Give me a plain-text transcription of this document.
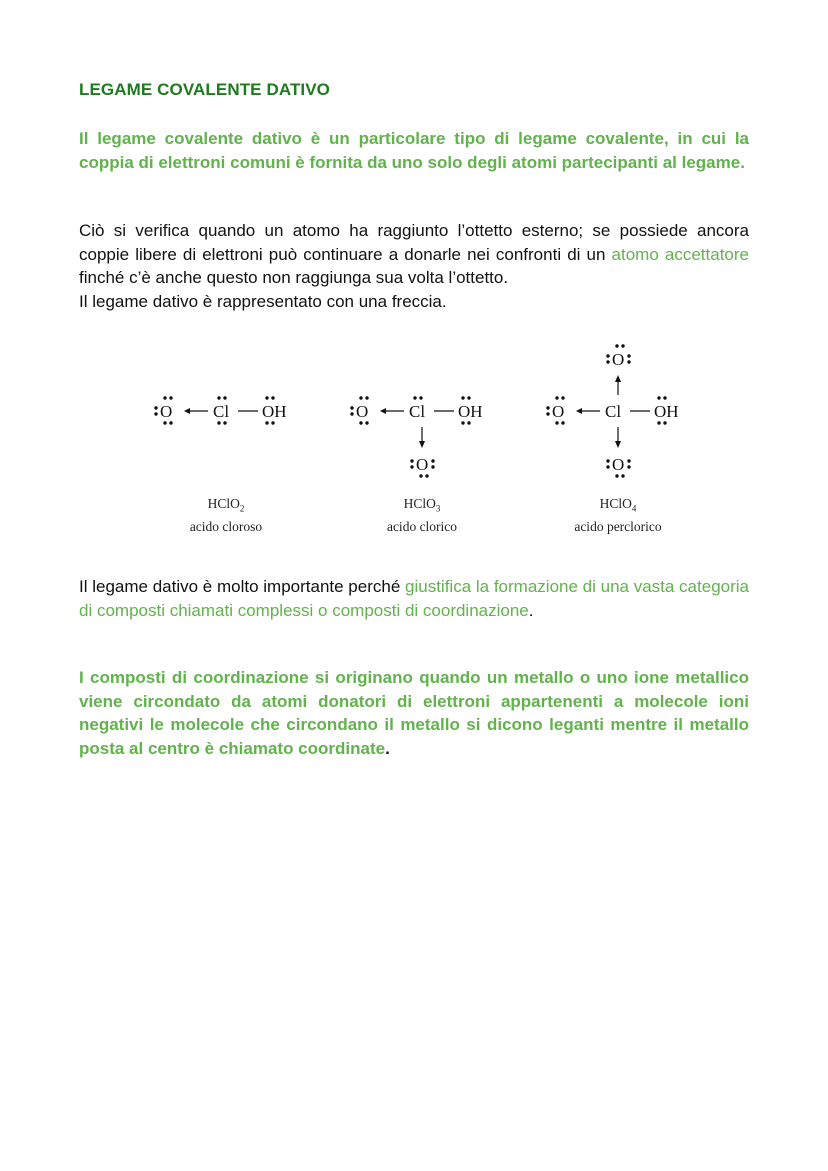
LEGAME COVALENTE DATIVO
Il legame covalente dativo è un particolare tipo di legame covalente, in cui la coppia di elettroni comuni è fornita da uno solo degli atomi partecipanti al legame.
Ciò si verifica quando un atomo ha raggiunto l’ottetto esterno; se possiede ancora coppie libere di elettroni può continuare a donarle nei confronti di un atomo accettatore finché c’è anche questo non raggiunga sua volta l’ottetto.
Il legame dativo è rappresentato con una freccia.
Il legame dativo è molto importante perché giustifica la formazione di una vasta categoria di composti chiamati complessi o composti di coordinazione.
I composti di coordinazione si originano quando un metallo o uno ione metallico viene circondato da atomi donatori di elettroni appartenenti a molecole ioni negativi le molecole che circondano il metallo si dicono leganti mentre il metallo posta al centro è chiamato coordinate.
O Cl OH	O Cl OH
O
O Cl OH
O
O
HClO$_2$
acido cloroso
HClO$_3$
acido clorico
HClO$_4$
acido perclorico
